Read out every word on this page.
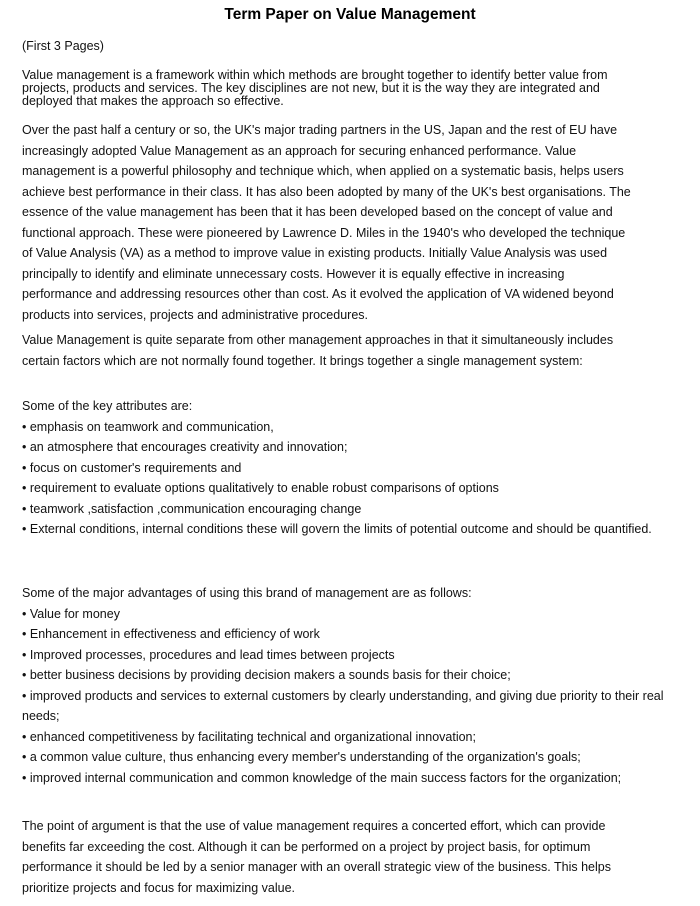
Term Paper on Value Management
(First 3 Pages)
Value management is a framework within which methods are brought together to identify better value from
projects, products and services. The key disciplines are not new, but it is the way they are integrated and
deployed that makes the approach so effective.
Over the past half a century or so, the UK's major trading partners in the US, Japan and the rest of EU have
increasingly adopted Value Management as an approach for securing enhanced performance. Value
management is a powerful philosophy and technique which, when applied on a systematic basis, helps users
achieve best performance in their class. It has also been adopted by many of the UK's best organisations. The
essence of the value management has been that it has been developed based on the concept of value and
functional approach. These were pioneered by Lawrence D. Miles in the 1940's who developed the technique
of Value Analysis (VA) as a method to improve value in existing products. Initially Value Analysis was used
principally to identify and eliminate unnecessary costs. However it is equally effective in increasing
performance and addressing resources other than cost. As it evolved the application of VA widened beyond
products into services, projects and administrative procedures.
Value Management is quite separate from other management approaches in that it simultaneously includes
certain factors which are not normally found together. It brings together a single management system:
Some of the key attributes are:
• emphasis on teamwork and communication,
• an atmosphere that encourages creativity and innovation;
• focus on customer's requirements and
• requirement to evaluate options qualitatively to enable robust comparisons of options
• teamwork ,satisfaction ,communication encouraging change
• External conditions, internal conditions these will govern the limits of potential outcome and should be quantified.
Some of the major advantages of using this brand of management are as follows:
• Value for money
• Enhancement in effectiveness and efficiency of work
• Improved processes, procedures and lead times between projects
• better business decisions by providing decision makers a sounds basis for their choice;
• improved products and services to external customers by clearly understanding, and giving due priority to their real needs;
• enhanced competitiveness by facilitating technical and organizational innovation;
• a common value culture, thus enhancing every member's understanding of the organization's goals;
• improved internal communication and common knowledge of the main success factors for the organization;
The point of argument is that the use of value management requires a concerted effort, which can provide
benefits far exceeding the cost. Although it can be performed on a project by project basis, for optimum
performance it should be led by a senior manager with an overall strategic view of the business. This helps
prioritize projects and focus for maximizing value.
